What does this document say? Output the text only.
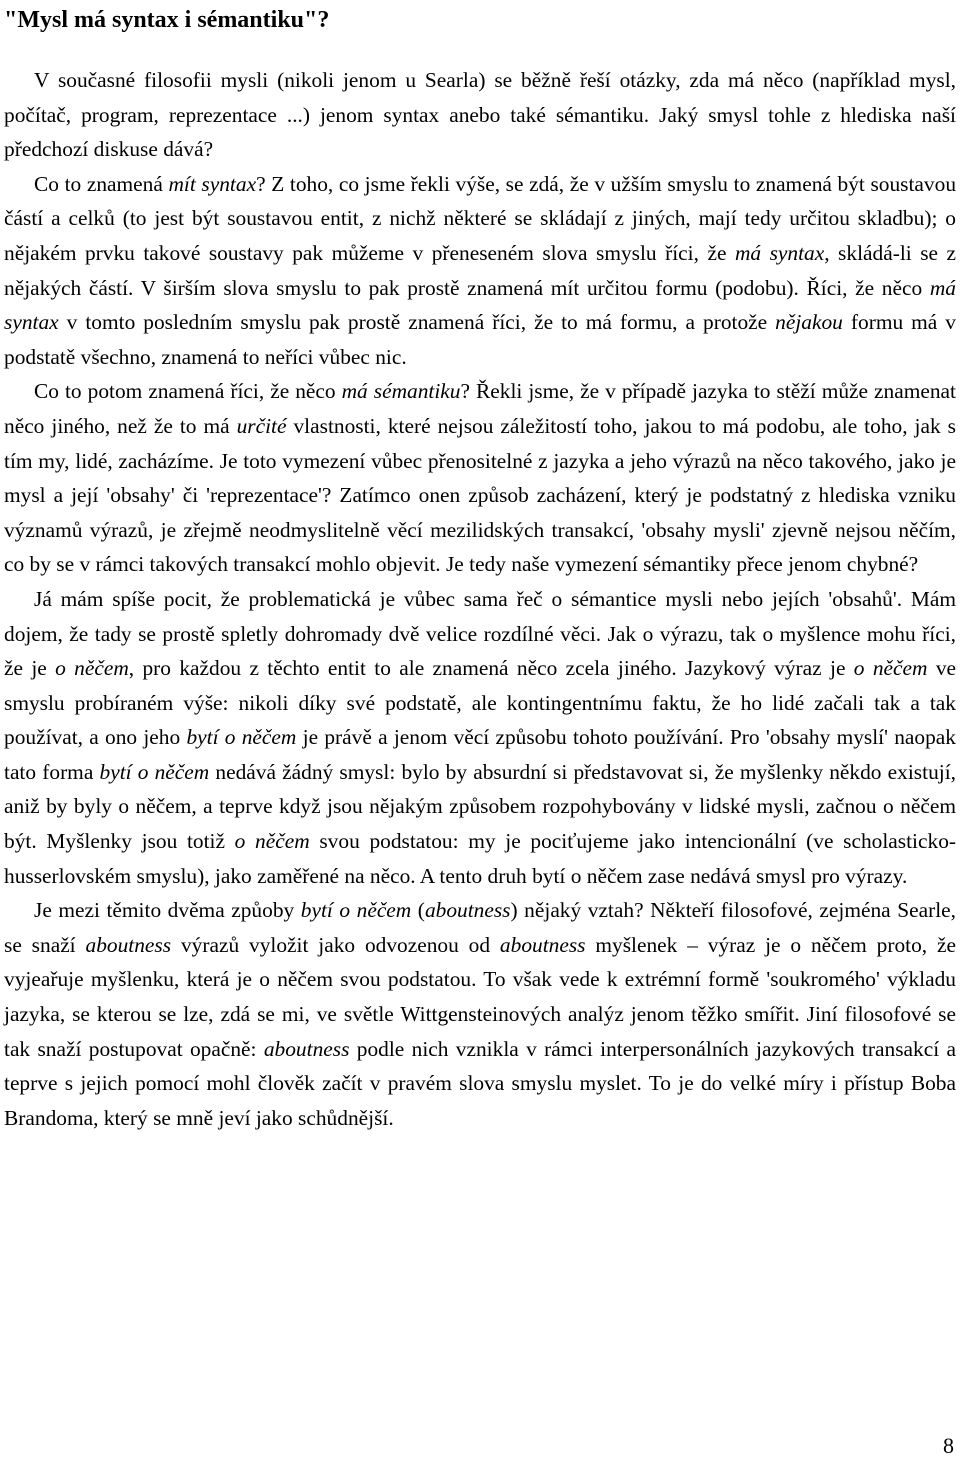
"Mysl má syntax i sémantiku"?

V současné filosofii mysli (nikoli jenom u Searla) se běžně řeší otázky, zda má něco (například mysl, počítač, program, reprezentace ...) jenom syntax anebo také sémantiku. Jaký smysl tohle z hlediska naší předchozí diskuse dává?

Co to znamená mít syntax? Z toho, co jsme řekli výše, se zdá, že v užším smyslu to znamená být soustavou částí a celků (to jest být soustavou entit, z nichž některé se skládají z jiných, mají tedy určitou skladbu); o nějakém prvku takové soustavy pak můžeme v přeneseném slova smyslu říci, že má syntax, skládá-li se z nějakých částí. V širším slova smyslu to pak prostě znamená mít určitou formu (podobu). Říci, že něco má syntax v tomto posledním smyslu pak prostě znamená říci, že to má formu, a protože nějakou formu má v podstatě všechno, znamená to neříci vůbec nic.

Co to potom znamená říci, že něco má sémantiku? Řekli jsme, že v případě jazyka to stěží může znamenat něco jiného, než že to má určité vlastnosti, které nejsou záležitostí toho, jakou to má podobu, ale toho, jak s tím my, lidé, zacházíme. Je toto vymezení vůbec přenositelné z jazyka a jeho výrazů na něco takového, jako je mysl a její 'obsahy' či 'reprezentace'? Zatímco onen způsob zacházení, který je podstatný z hlediska vzniku významů výrazů, je zřejmě neodmyslitelně věcí mezilidských transakcí, 'obsahy mysli' zjevně nejsou něčím, co by se v rámci takových transakcí mohlo objevit. Je tedy naše vymezení sémantiky přece jenom chybné?

Já mám spíše pocit, že problematická je vůbec sama řeč o sémantice mysli nebo jejích 'obsahů'. Mám dojem, že tady se prostě spletly dohromady dvě velice rozdílné věci. Jak o výrazu, tak o myšlence mohu říci, že je o něčem, pro každou z těchto entit to ale znamená něco zcela jiného. Jazykový výraz je o něčem ve smyslu probíraném výše: nikoli díky své podstatě, ale kontingentnímu faktu, že ho lidé začali tak a tak používat, a ono jeho bytí o něčem je právě a jenom věcí způsobu tohoto používání. Pro 'obsahy myslí' naopak tato forma bytí o něčem nedává žádný smysl: bylo by absurdní si představovat si, že myšlenky někdo existují, aniž by byly o něčem, a teprve když jsou nějakým způsobem rozpohybovány v lidské mysli, začnou o něčem být. Myšlenky jsou totiž o něčem svou podstatou: my je pociťujeme jako intencionální (ve scholasticko-husserlovském smyslu), jako zaměřené na něco. A tento druh bytí o něčem zase nedává smysl pro výrazy.

Je mezi těmito dvěma způoby bytí o něčem (aboutness) nějaký vztah? Někteří filosofové, zejména Searle, se snaží aboutness výrazů vyložit jako odvozenou od aboutness myšlenek – výraz je o něčem proto, že vyjeařuje myšlenku, která je o něčem svou podstatou. To však vede k extrémní formě 'soukromého' výkladu jazyka, se kterou se lze, zdá se mi, ve světle Wittgensteinových analýz jenom těžko smířit. Jiní filosofové se tak snaží postupovat opačně: aboutness podle nich vznikla v rámci interpersonálních jazykových transakcí a teprve s jejich pomocí mohl člověk začít v pravém slova smyslu myslet. To je do velké míry i přístup Boba Brandoma, který se mně jeví jako schůdnější.

8
